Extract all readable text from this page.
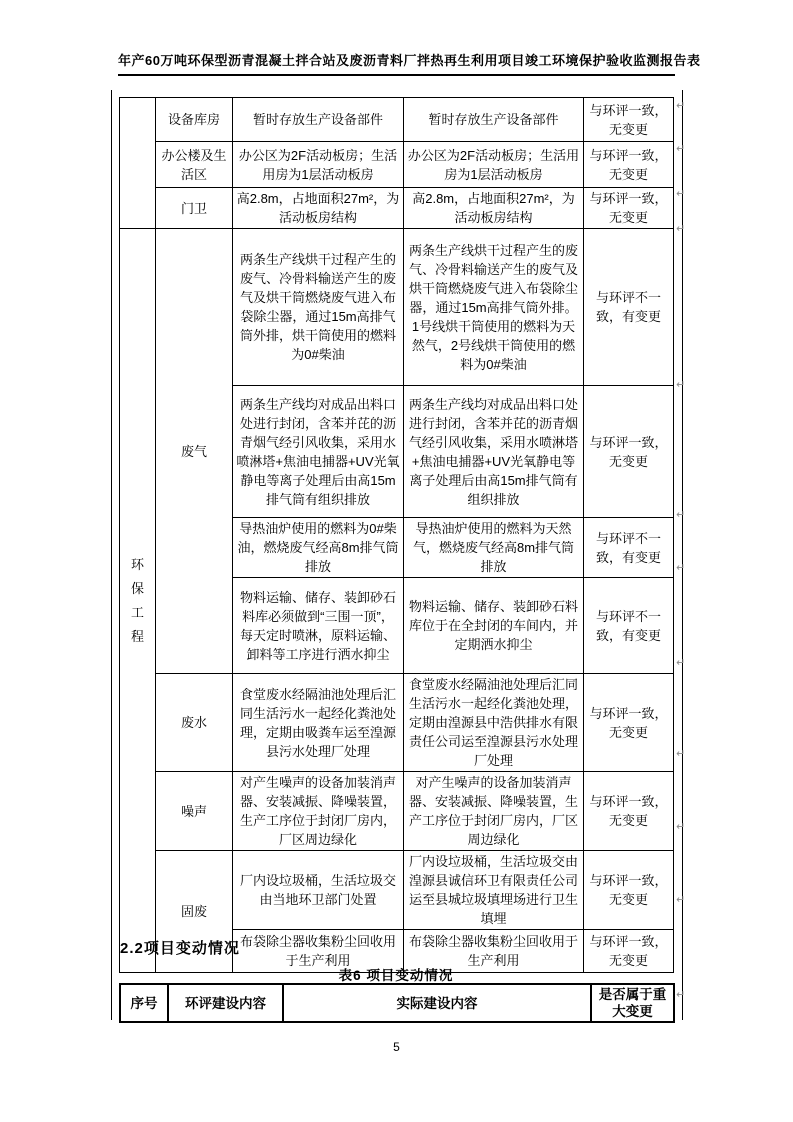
年产60万吨环保型沥青混凝土拌合站及废沥青料厂拌热再生利用项目竣工环境保护验收监测报告表
	设备库房	暂时存放生产设备部件	暂时存放生产设备部件	与环评一致，无变更
	办公楼及生活区	办公区为2F活动板房；生活用房为1层活动板房	办公区为2F活动板房；生活用房为1层活动板房	与环评一致，无变更
	门卫	高2.8m，占地面积27m²，为活动板房结构	高2.8m，占地面积27m²，为活动板房结构	与环评一致，无变更

环保工程	废气	两条生产线烘干过程产生的废气、冷骨料输送产生的废气及烘干筒燃烧废气进入布袋除尘器，通过15m高排气筒外排，烘干筒使用的燃料为0#柴油	两条生产线烘干过程产生的废气、冷骨料输送产生的废气及烘干筒燃烧废气进入布袋除尘器，通过15m高排气筒外排。1号线烘干筒使用的燃料为天然气，2号线烘干筒使用的燃料为0#柴油	与环评不一致，有变更
		两条生产线均对成品出料口处进行封闭，含苯并芘的沥青烟气经引风收集，采用水喷淋塔+焦油电捕器+UV光氧静电等离子处理后由高15m排气筒有组织排放	两条生产线均对成品出料口处进行封闭，含苯并芘的沥青烟气经引风收集，采用水喷淋塔+焦油电捕器+UV光氧静电等离子处理后由高15m排气筒有组织排放	与环评一致，无变更
		导热油炉使用的燃料为0#柴油，燃烧废气经高8m排气筒排放	导热油炉使用的燃料为天然气，燃烧废气经高8m排气筒排放	与环评不一致，有变更
		物料运输、储存、装卸砂石料库必须做到“三围一顶”，每天定时喷淋，原料运输、卸料等工序进行洒水抑尘	物料运输、储存、装卸砂石料库位于在全封闭的车间内，并定期洒水抑尘	与环评不一致，有变更
	废水	食堂废水经隔油池处理后汇同生活污水一起经化粪池处理，定期由吸粪车运至湟源县污水处理厂处理	食堂废水经隔油池处理后汇同生活污水一起经化粪池处理，定期由湟源县中浩供排水有限责任公司运至湟源县污水处理厂处理	与环评一致，无变更
	噪声	对产生噪声的设备加装消声器、安装减振、降噪装置，生产工序位于封闭厂房内，厂区周边绿化	对产生噪声的设备加装消声器、安装减振、降噪装置，生产工序位于封闭厂房内，厂区周边绿化	与环评一致，无变更
	固废	厂内设垃圾桶，生活垃圾交由当地环卫部门处置	厂内设垃圾桶，生活垃圾交由湟源县诚信环卫有限责任公司运至县城垃圾填埋场进行卫生填埋	与环评一致，无变更
		布袋除尘器收集粉尘回收用于生产利用	布袋除尘器收集粉尘回收用于生产利用	与环评一致，无变更
2.2项目变动情况
表6 项目变动情况
序号	环评建设内容	实际建设内容	是否属于重大变更
↵
↵
↵
↵
↵
↵
↵
↵
↵
↵
↵
↵
5
